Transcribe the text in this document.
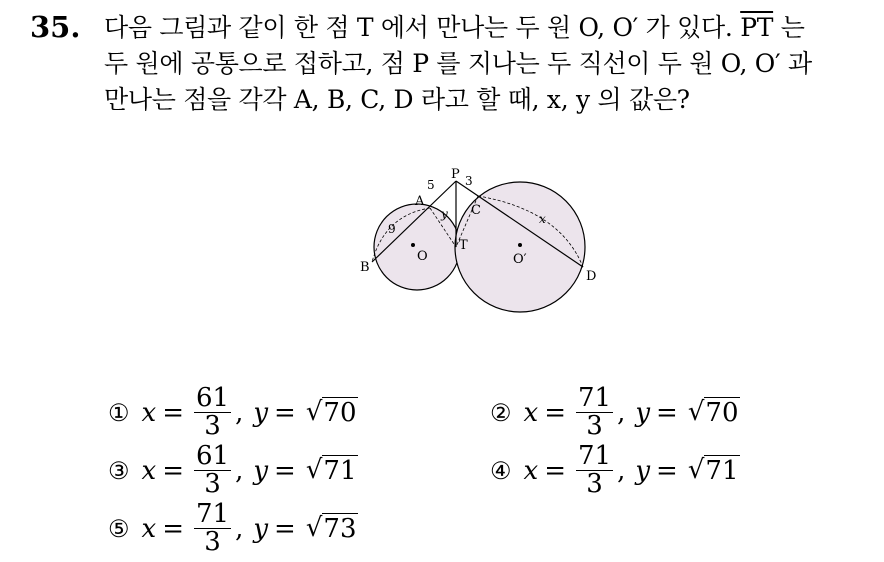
35. 다음 그림과 같이 한 점 T 에서 만나는 두 원 O, O′ 가 있다. $\overline{PT}$ 는
두 원에 공통으로 접하고, 점 P 를 지나는 두 직선이 두 원 O, O′ 과
만나는 점을 각각 A, B, C, D 라고 할 때, x, y 의 값은?
P
A
B
C
D
T
O	O′
5	3
9
y	x
① $x = \frac{61}{3}$ , y = √ 70	② $x = \frac{71}{3}$ , y = √ 70
③ $x = \frac{61}{3}$ , y = √ 71	④ $x = \frac{71}{3}$ , y = √ 71
⑤ $x = \frac{71}{3}$ , y = √ 73
